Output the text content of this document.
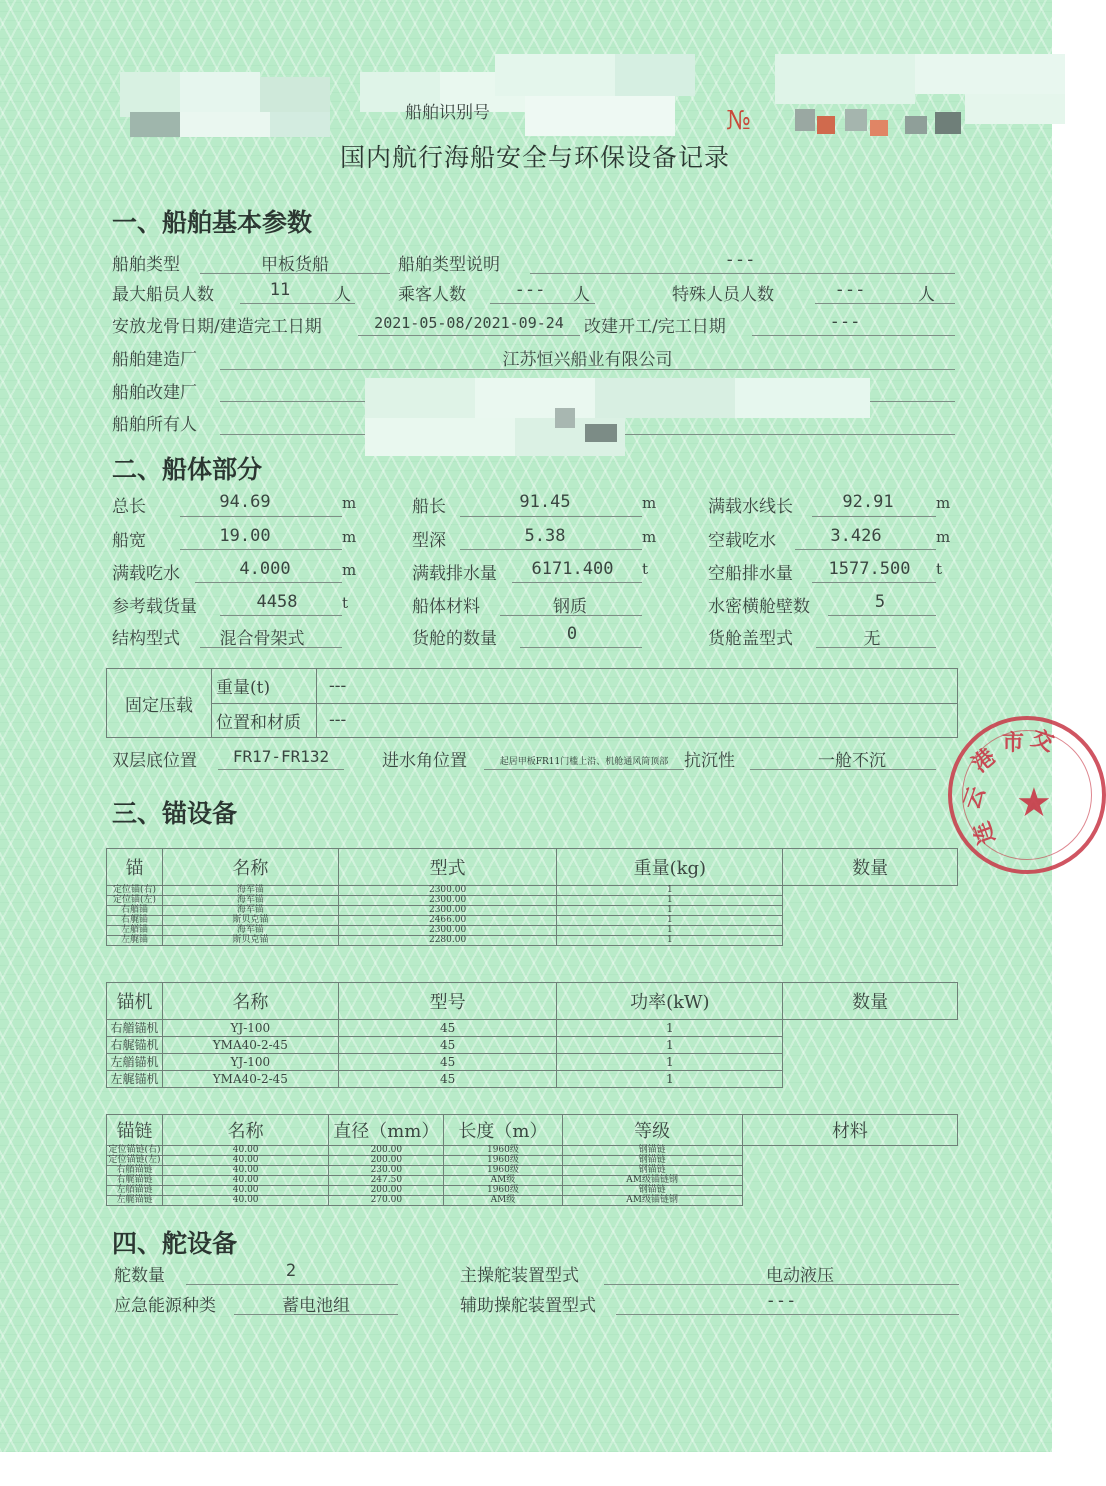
船舶识别号	№
国内航行海船安全与环保设备记录
一、船舶基本参数
船舶类型	甲板货船	船舶类型说明	---
最大船员人数	11	人	乘客人数	---	人	特殊人员人数	---	人
安放龙骨日期/建造完工日期	2021-05-08/2021-09-24	改建开工/完工日期	---
船舶建造厂	江苏恒兴船业有限公司
船舶改建厂
船舶所有人
二、船体部分
总长	94.69	m	船长	91.45	m	满载水线长	92.91	m
船宽	19.00	m	型深	5.38	m	空载吃水	3.426	m
满载吃水	4.000	m	满载排水量	6171.400	t	空船排水量	1577.500	t
参考载货量	4458	t	船体材料	钢质	水密横舱壁数	5
结构型式	混合骨架式	货舱的数量	0	货舱盖型式	无
固定压载	重量(t)	---
	位置和材质	---
双层底位置	FR17-FR132	进水角位置	起居甲板FR11门槛上沿、机舱通风筒顶部 抗沉性	一舱不沉
★
港
市 交
云
连
三、锚设备
锚	名称	型式	重量(kg)	数量
定位锚(右)	海军锚	2300.00	1	
定位锚(左)	海军锚	2300.00	1	
右艏锚	海军锚	2300.00	1	
右艉锚	斯贝克锚	2466.00	1	
左艏锚	海军锚	2300.00	1	
左艉锚	斯贝克锚	2280.00	1	
锚机	名称	型号	功率(kW)	数量
右艏锚机	YJ-100	45	1	
右艉锚机	YMA40-2-45	45	1	
左艏锚机	YJ-100	45	1	
左艉锚机	YMA40-2-45	45	1	
锚链	名称	直径（mm）	长度（m）	等级	材料
定位锚链(右)	40.00	200.00	1960级	钢锚链	
定位锚链(左)	40.00	200.00	1960级	钢锚链	
右艏锚链	40.00	230.00	1960级	钢锚链	
右艉锚链	40.00	247.50	AM级	AM级锚链钢	
左艏锚链	40.00	200.00	1960级	钢锚链	
左艉锚链	40.00	270.00	AM级	AM级锚链钢	
四、舵设备
舵数量	2	主操舵装置型式	电动液压
应急能源种类	蓄电池组	辅助操舵装置型式	---
